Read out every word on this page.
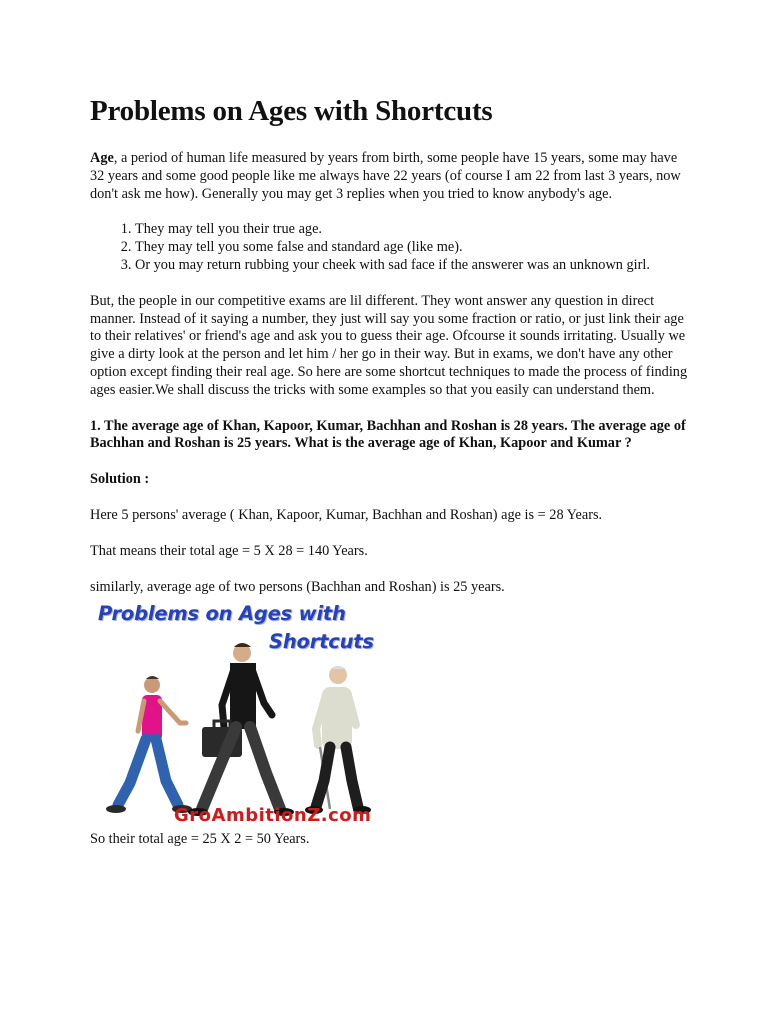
Problems on Ages with Shortcuts

Age, a period of human life measured by years from birth, some people have 15 years, some may have 32 years and some good people like me always have 22 years (of course I am 22 from last 3 years, now don't ask me how). Generally you may get 3 replies when you tried to know anybody's age.

1. They may tell you their true age.
2. They may tell you some false and standard age (like me).
3. Or you may return rubbing your cheek with sad face if the answerer was an unknown girl.

But, the people in our competitive exams are lil different. They wont answer any question in direct manner. Instead of it saying a number, they just will say you some fraction or ratio, or just link their age to their relatives' or friend's age and ask you to guess their age. Ofcourse it sounds irritating. Usually we give a dirty look at the person and let him / her go in their way. But in exams, we don't have any other option except finding their real age. So here are some shortcut techniques to made the process of finding ages easier.We shall discuss the tricks with some examples so that you easily can understand them.

1. The average age of Khan, Kapoor, Kumar, Bachhan and Roshan is 28 years. The average age of Bachhan and Roshan is 25 years. What is the average age of Khan, Kapoor and Kumar ?

Solution :

Here 5 persons' average ( Khan, Kapoor, Kumar, Bachhan and Roshan) age is = 28 Years.

That means their total age = 5 X 28 = 140 Years.

similarly, average age of two persons (Bachhan and Roshan) is 25 years.

Problems on Ages with
Shortcuts
GroAmbitionZ.com

So their total age = 25 X 2 = 50 Years.
